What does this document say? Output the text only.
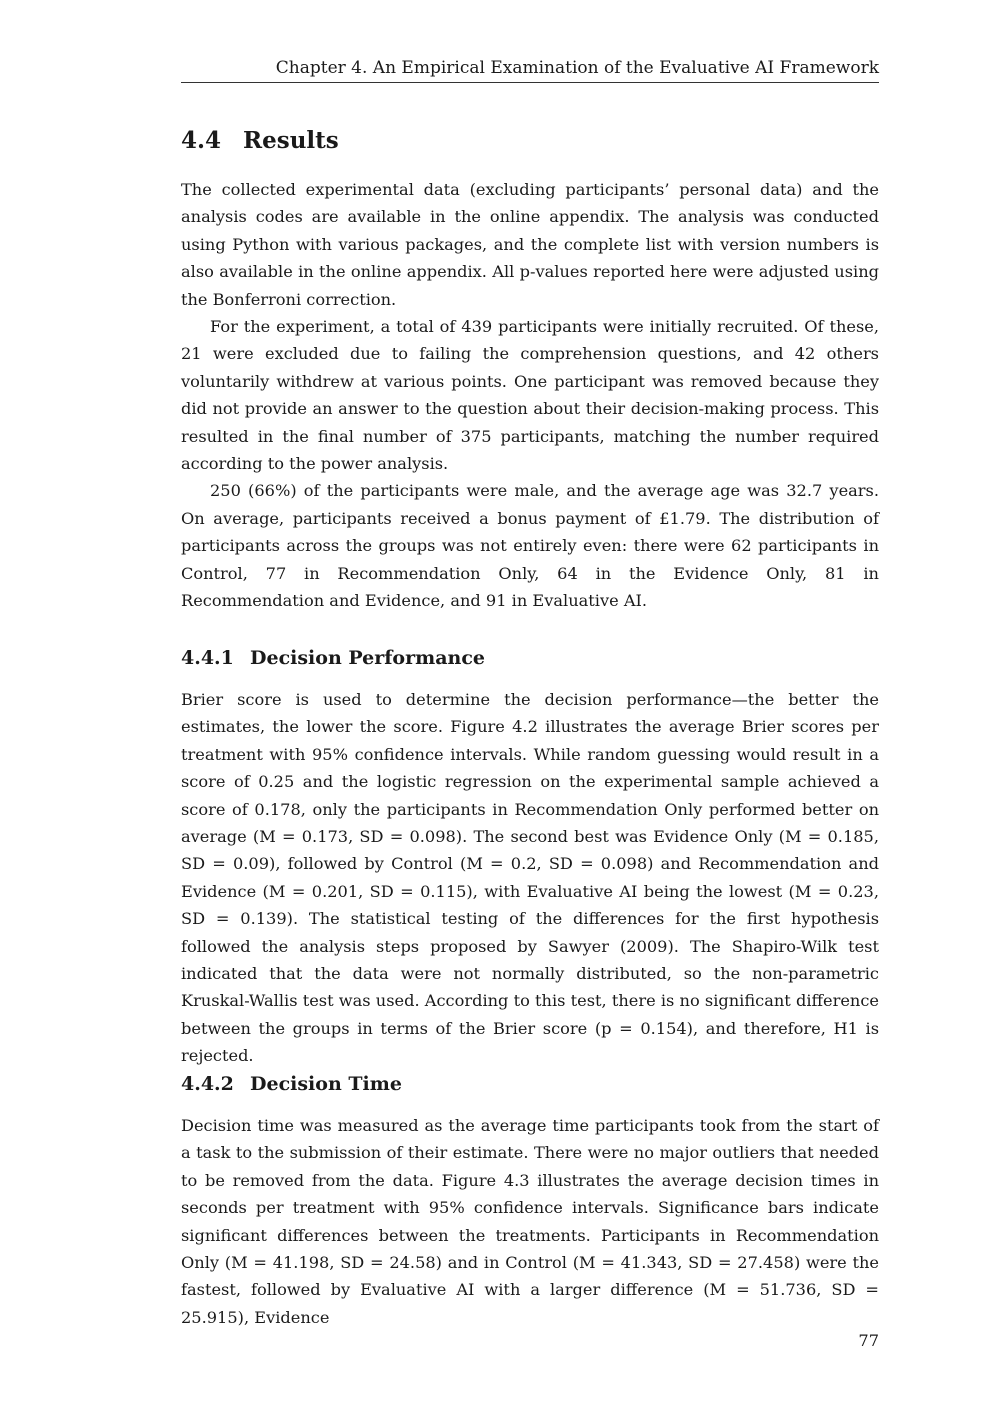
Chapter 4. An Empirical Examination of the Evaluative AI Framework
4.4 Results

The collected experimental data (excluding participants’ personal data) and the analysis codes are available in the online appendix. The analysis was conducted using Python with various packages, and the complete list with version numbers is also available in the online appendix. All p-values reported here were adjusted using the Bonferroni correction.

For the experiment, a total of 439 participants were initially recruited. Of these, 21 were excluded due to failing the comprehension questions, and 42 others voluntarily withdrew at various points. One participant was removed because they did not provide an answer to the question about their decision-making process. This resulted in the final number of 375 participants, matching the number required according to the power analysis.

250 (66%) of the participants were male, and the average age was 32.7 years. On average, participants received a bonus payment of £1.79. The distribution of participants across the groups was not entirely even: there were 62 participants in Control, 77 in Recommendation Only, 64 in the Evidence Only, 81 in Recommendation and Evidence, and 91 in Evaluative AI.

4.4.1 Decision Performance

Brier score is used to determine the decision performance—the better the estimates, the lower the score. Figure 4.2 illustrates the average Brier scores per treatment with 95% confidence intervals. While random guessing would result in a score of 0.25 and the logistic regression on the experimental sample achieved a score of 0.178, only the participants in Recommendation Only performed better on average (M = 0.173, SD = 0.098). The second best was Evidence Only (M = 0.185, SD = 0.09), followed by Control (M = 0.2, SD = 0.098) and Recommendation and Evidence (M = 0.201, SD = 0.115), with Evaluative AI being the lowest (M = 0.23, SD = 0.139). The statistical testing of the differences for the first hypothesis followed the analysis steps proposed by Sawyer (2009). The Shapiro-Wilk test indicated that the data were not normally distributed, so the non-parametric Kruskal-Wallis test was used. According to this test, there is no significant difference between the groups in terms of the Brier score (p = 0.154), and therefore, H1 is rejected.

4.4.2 Decision Time

Decision time was measured as the average time participants took from the start of a task to the submission of their estimate. There were no major outliers that needed to be removed from the data. Figure 4.3 illustrates the average decision times in seconds per treatment with 95% confidence intervals. Significance bars indicate significant differences between the treatments. Participants in Recommendation Only (M = 41.198, SD = 24.58) and in Control (M = 41.343, SD = 27.458) were the fastest, followed by Evaluative AI with a larger difference (M = 51.736, SD = 25.915), Evidence

77
